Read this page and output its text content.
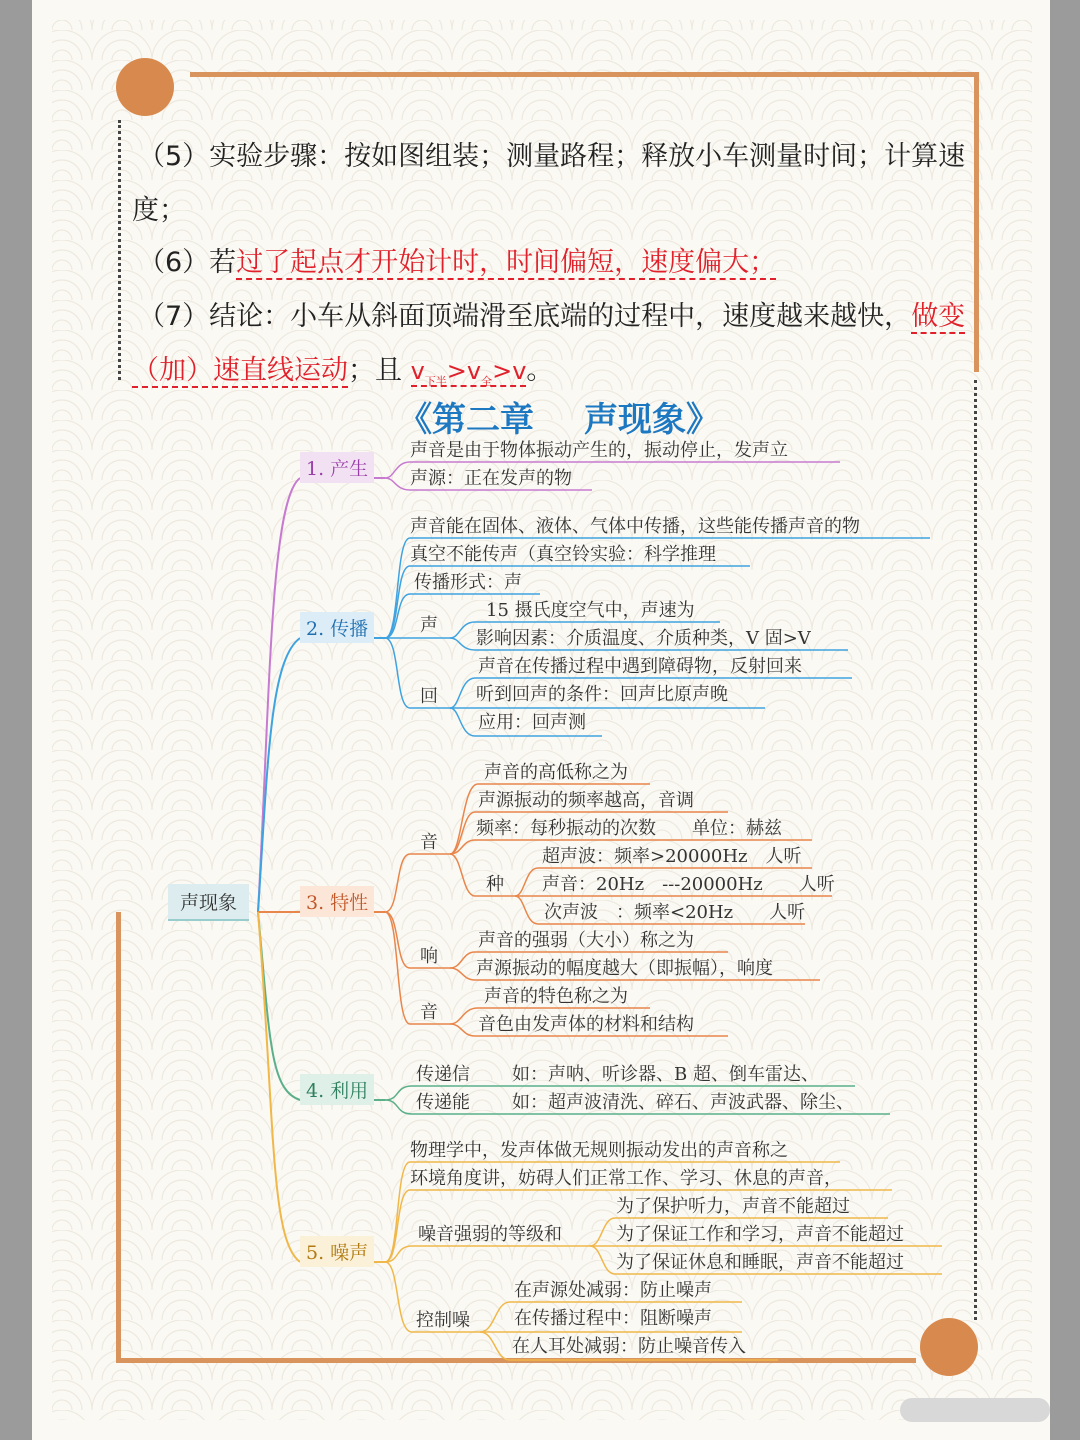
（5）实验步骤：按如图组装；测量路程；释放小车测量时间；计算速
度；
（6）若过了起点才开始计时，时间偏短，速度偏大；
（7）结论：小车从斜面顶端滑至底端的过程中，速度越来越快，做变
（加）速直线运动；且 $v_{下半}>v_全>v$。
《第二章 声现象》
声现象
1. 产生
2. 传播
3. 特性
4. 利用
5. 噪声
声音是由于物体振动产生的，振动停止，发声立
声源：正在发声的物
声音能在固体、液体、气体中传播，这些能传播声音的物
真空不能传声（真空铃实验：科学推理
传播形式：声
声
15 摄氏度空气中，声速为
影响因素：介质温度、介质种类，V 固>V
回
声音在传播过程中遇到障碍物，反射回来
听到回声的条件：回声比原声晚
应用：回声测
音
声音的高低称之为
声源振动的频率越高，音调
频率：每秒振动的次数　　单位：赫兹
种
超声波：频率>20000Hz　人听
声音：20Hz　---20000Hz　　人听
次声波　：频率<20Hz　　人听
响
声音的强弱（大小）称之为
声源振动的幅度越大（即振幅），响度
音
声音的特色称之为
音色由发声体的材料和结构
传递信 如：声呐、听诊器、B 超、倒车雷达、
传递能 如：超声波清洗、碎石、声波武器、除尘、
物理学中，发声体做无规则振动发出的声音称之
环境角度讲，妨碍人们正常工作、学习、休息的声音，
噪音强弱的等级和
为了保护听力，声音不能超过
为了保证工作和学习，声音不能超过
为了保证休息和睡眠，声音不能超过
控制噪
在声源处减弱：防止噪声
在传播过程中：阻断噪声
在人耳处减弱：防止噪音传入
